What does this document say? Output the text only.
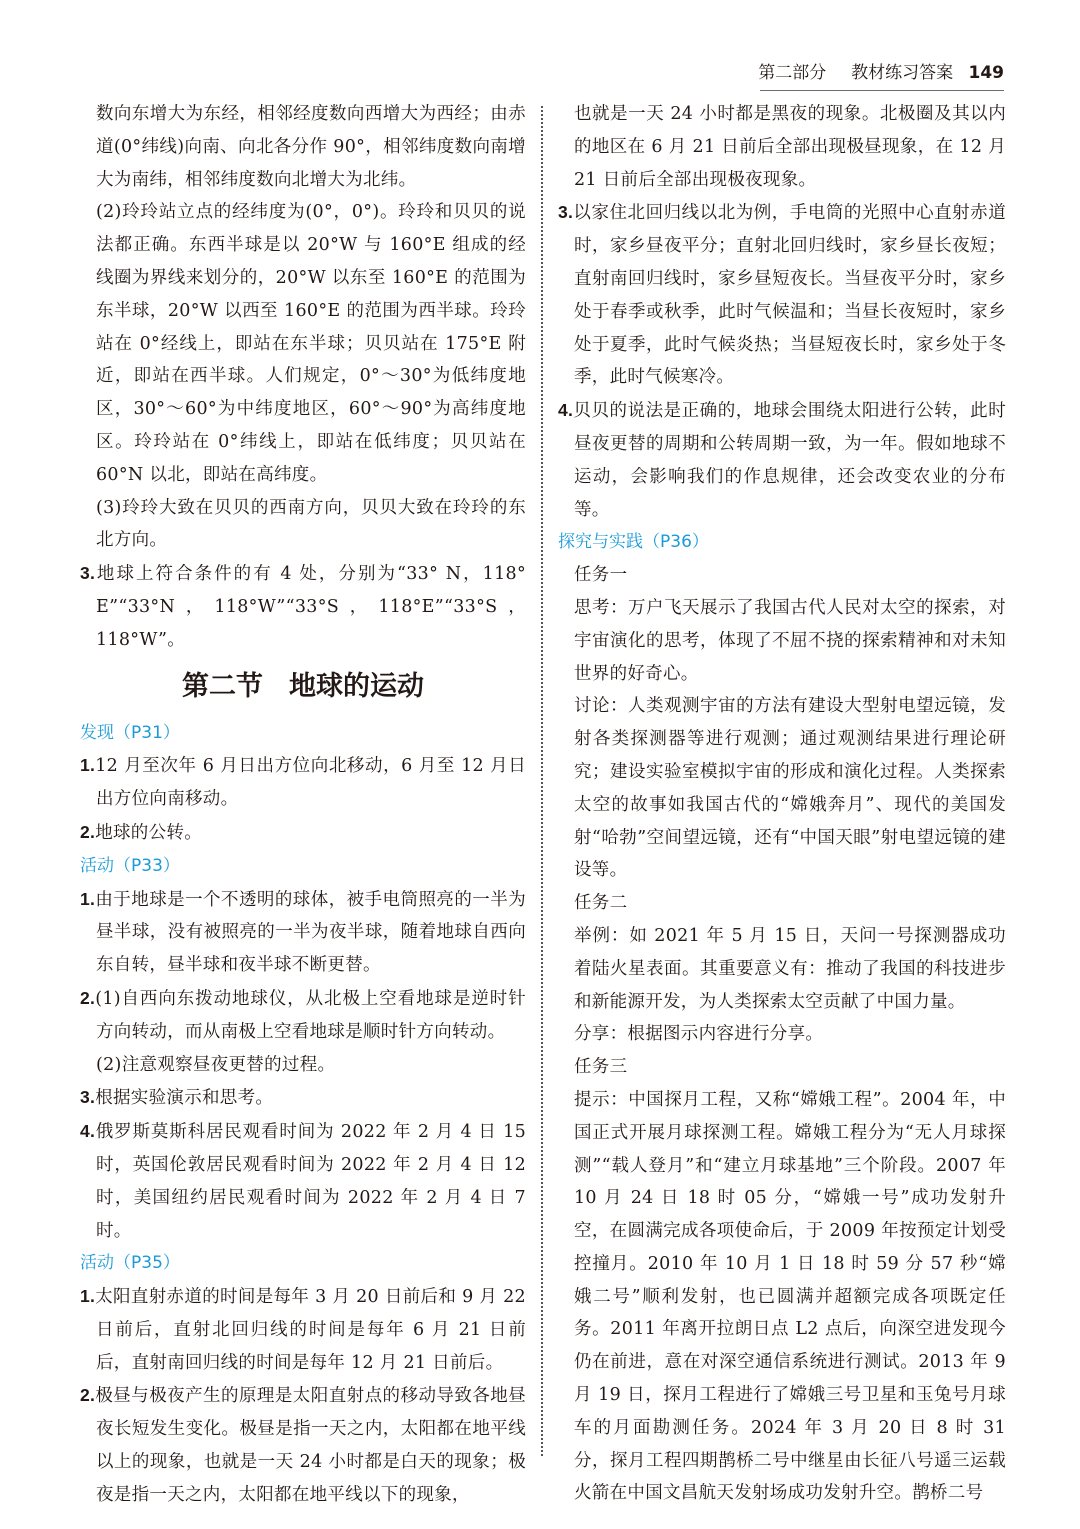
第二部分 教材练习答案 149

数向东增大为东经，相邻经度数向西增大为西经；由赤道(0°纬线)向南、向北各分作 90°，相邻纬度数向南增大为南纬，相邻纬度数向北增大为北纬。

(2)玲玲站立点的经纬度为(0°，0°)。玲玲和贝贝的说法都正确。东西半球是以 20°W 与 160°E 组成的经线圈为界线来划分的，20°W 以东至 160°E 的范围为东半球，20°W 以西至 160°E 的范围为西半球。玲玲站在 0°经线上，即站在东半球；贝贝站在 175°E 附近，即站在西半球。人们规定，0°～30°为低纬度地区，30°～60°为中纬度地区，60°～90°为高纬度地区。玲玲站在 0°纬线上，即站在低纬度；贝贝站在 60°N 以北，即站在高纬度。

(3)玲玲大致在贝贝的西南方向，贝贝大致在玲玲的东北方向。

3.地球上符合条件的有 4 处，分别为“33° N，118° E”“33°N，118°W”“33°S，118°E”“33°S，118°W”。

第二节 地球的运动

发现（P31）

1.12 月至次年 6 月日出方位向北移动，6 月至 12 月日出方位向南移动。

2.地球的公转。

活动（P33）

1.由于地球是一个不透明的球体，被手电筒照亮的一半为昼半球，没有被照亮的一半为夜半球，随着地球自西向东自转，昼半球和夜半球不断更替。

2.(1)自西向东拨动地球仪，从北极上空看地球是逆时针方向转动，而从南极上空看地球是顺时针方向转动。

(2)注意观察昼夜更替的过程。

3.根据实验演示和思考。

4.俄罗斯莫斯科居民观看时间为 2022 年 2 月 4 日 15 时，英国伦敦居民观看时间为 2022 年 2 月 4 日 12 时，美国纽约居民观看时间为 2022 年 2 月 4 日 7 时。

活动（P35）

1.太阳直射赤道的时间是每年 3 月 20 日前后和 9 月 22 日前后，直射北回归线的时间是每年 6 月 21 日前后，直射南回归线的时间是每年 12 月 21 日前后。

2.极昼与极夜产生的原理是太阳直射点的移动导致各地昼夜长短发生变化。极昼是指一天之内，太阳都在地平线以上的现象，也就是一天 24 小时都是白天的现象；极夜是指一天之内，太阳都在地平线以下的现象，

也就是一天 24 小时都是黑夜的现象。北极圈及其以内的地区在 6 月 21 日前后全部出现极昼现象，在 12 月 21 日前后全部出现极夜现象。

3.以家住北回归线以北为例，手电筒的光照中心直射赤道时，家乡昼夜平分；直射北回归线时，家乡昼长夜短；直射南回归线时，家乡昼短夜长。当昼夜平分时，家乡处于春季或秋季，此时气候温和；当昼长夜短时，家乡处于夏季，此时气候炎热；当昼短夜长时，家乡处于冬季，此时气候寒冷。

4.贝贝的说法是正确的，地球会围绕太阳进行公转，此时昼夜更替的周期和公转周期一致，为一年。假如地球不运动，会影响我们的作息规律，还会改变农业的分布等。

探究与实践（P36）

任务一

思考：万户飞天展示了我国古代人民对太空的探索，对宇宙演化的思考，体现了不屈不挠的探索精神和对未知世界的好奇心。

讨论：人类观测宇宙的方法有建设大型射电望远镜，发射各类探测器等进行观测；通过观测结果进行理论研究；建设实验室模拟宇宙的形成和演化过程。人类探索太空的故事如我国古代的“嫦娥奔月”、现代的美国发射“哈勃”空间望远镜，还有“中国天眼”射电望远镜的建设等。

任务二

举例：如 2021 年 5 月 15 日，天问一号探测器成功着陆火星表面。其重要意义有：推动了我国的科技进步和新能源开发，为人类探索太空贡献了中国力量。

分享：根据图示内容进行分享。

任务三

提示：中国探月工程，又称“嫦娥工程”。2004 年，中国正式开展月球探测工程。嫦娥工程分为“无人月球探测”“载人登月”和“建立月球基地”三个阶段。2007 年 10 月 24 日 18 时 05 分，“嫦娥一号”成功发射升空，在圆满完成各项使命后，于 2009 年按预定计划受控撞月。2010 年 10 月 1 日 18 时 59 分 57 秒“嫦娥二号”顺利发射，也已圆满并超额完成各项既定任务。2011 年离开拉朗日点 L2 点后，向深空进发现今仍在前进，意在对深空通信系统进行测试。2013 年 9 月 19 日，探月工程进行了嫦娥三号卫星和玉兔号月球车的月面勘测任务。2024 年 3 月 20 日 8 时 31 分，探月工程四期鹊桥二号中继星由长征八号遥三运载火箭在中国文昌航天发射场成功发射升空。鹊桥二号
